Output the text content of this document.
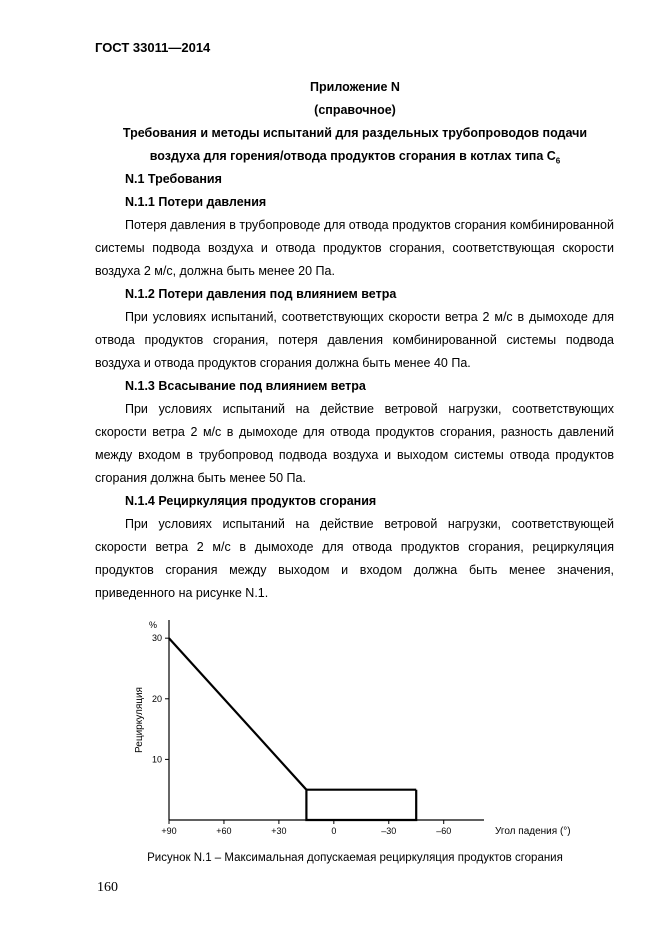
ГОСТ 33011—2014
Приложение N
(справочное)
Требования и методы испытаний для раздельных трубопроводов подачи
воздуха для горения/отвода продуктов сгорания в котлах типа $С_6$
N.1 Требования
N.1.1 Потери давления

Потеря давления в трубопроводе для отвода продуктов сгорания комбинированной системы подвода воздуха и отвода продуктов сгорания, соответствующая скорости воздуха 2 м/с, должна быть менее 20 Па.

N.1.2 Потери давления под влиянием ветра

При условиях испытаний, соответствующих скорости ветра 2 м/с в дымоходе для отвода продуктов сгорания, потеря давления комбинированной системы подвода воздуха и отвода продуктов сгорания должна быть менее 40 Па.

N.1.3 Всасывание под влиянием ветра

При условиях испытаний на действие ветровой нагрузки, соответствующих скорости ветра 2 м/с в дымоходе для отвода продуктов сгорания, разность давлений между входом в трубопровод подвода воздуха и выходом системы отвода продуктов сгорания должна быть менее 50 Па.

N.1.4 Рециркуляция продуктов сгорания

При условиях испытаний на действие ветровой нагрузки, соответствующей скорости ветра 2 м/с в дымоходе для отвода продуктов сгорания, рециркуляция продуктов сгорания между выходом и входом должна быть менее значения, приведенного на рисунке N.1.

%
Рециркуляция
Угол падения (°)
10
20
30
+90	+60	+30	0	–30	–60
Рисунок N.1 – Максимальная допускаемая рециркуляция продуктов сгорания
160
